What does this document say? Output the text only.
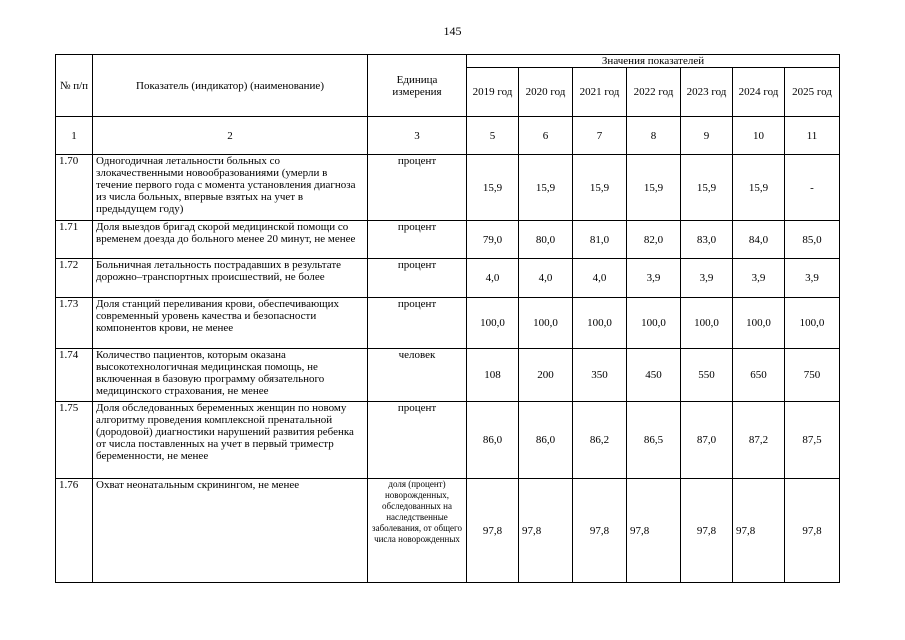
145
№ п/п	Показатель (индикатор) (наименование)	Единица измерения	Значения показателей						
			2019 год	2020 год	2021 год	2022 год	2023 год	2024 год	2025 год
1	2	3	5	6	7	8	9	10	11
1.70	Одногодичная летальности больных со злокачественными новообразованиями (умерли в течение первого года с момента установления диагноза из числа больных, впервые взятых на учет в предыдущем году)	процент	15,9	15,9	15,9	15,9	15,9	15,9	-
1.71	Доля выездов бригад скорой медицинской помощи со временем доезда до больного менее 20 минут, не менее	процент	79,0	80,0	81,0	82,0	83,0	84,0	85,0
1.72	Больничная летальность пострадавших в результате дорожно–транспортных происшествий, не более	процент	4,0	4,0	4,0	3,9	3,9	3,9	3,9
1.73	Доля станций переливания крови, обеспечивающих современный уровень качества и безопасности компонентов крови, не менее	процент	100,0	100,0	100,0	100,0	100,0	100,0	100,0
1.74	Количество пациентов, которым оказана высокотехнологичная медицинская помощь, не включенная в базовую программу обязательного медицинского страхования, не менее	человек	108	200	350	450	550	650	750
1.75	Доля обследованных беременных женщин по новому алгоритму проведения комплексной пренатальной (дородовой) диагностики нарушений развития ребенка от числа поставленных на учет в первый триместр беременности, не менее	процент	86,0	86,0	86,2	86,5	87,0	87,2	87,5
1.76	Охват неонатальным скринингом, не менее	доля (процент) новорожденных, обследованных на наследственные заболевания, от общего числа новорожденных	97,8	97,8	97,8	97,8	97,8	97,8	97,8
